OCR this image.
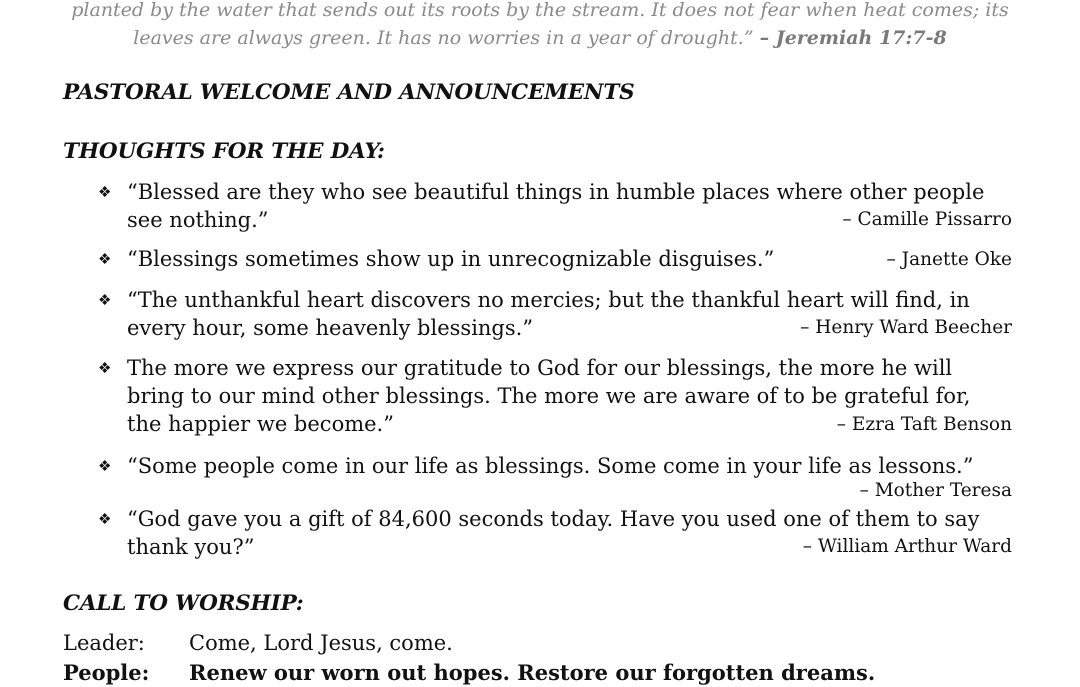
planted by the water that sends out its roots by the stream. It does not fear when heat comes; its
leaves are always green. It has no worries in a year of drought.” – Jeremiah 17:7-8
PASTORAL WELCOME AND ANNOUNCEMENTS
THOUGHTS FOR THE DAY:
❖ “Blessed are they who see beautiful things in humble places where other people
see nothing.”	– Camille Pissarro
❖ “Blessings sometimes show up in unrecognizable disguises.”	– Janette Oke
❖ “The unthankful heart discovers no mercies; but the thankful heart will find, in
every hour, some heavenly blessings.”	– Henry Ward Beecher
❖ The more we express our gratitude to God for our blessings, the more he will
bring to our mind other blessings. The more we are aware of to be grateful for,
the happier we become.”	– Ezra Taft Benson
❖ “Some people come in our life as blessings. Some come in your life as lessons.”
– Mother Teresa
❖ “God gave you a gift of 84,600 seconds today. Have you used one of them to say
thank you?”	– William Arthur Ward
CALL TO WORSHIP:
Leader: Come, Lord Jesus, come.
People: Renew our worn out hopes. Restore our forgotten dreams.
